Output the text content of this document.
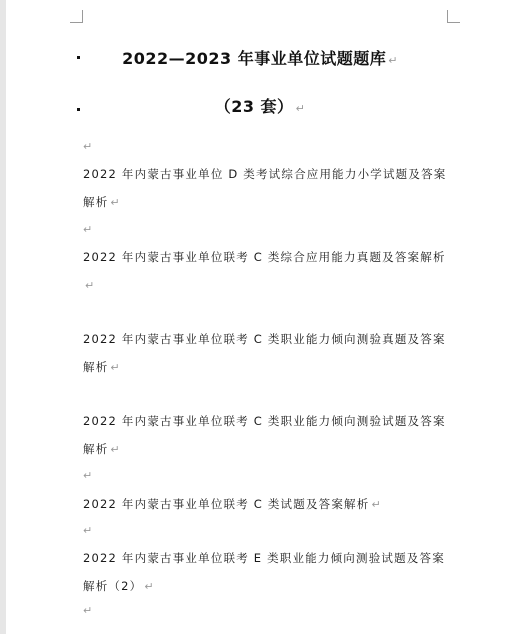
2022—2023 年事业单位试题题库 ↵
（23 套） ↵
↵
2022 年内蒙古事业单位 D 类考试综合应用能力小学试题及答案解析 ↵
↵
2022 年内蒙古事业单位联考 C 类综合应用能力真题及答案解析↵
2022 年内蒙古事业单位联考 C 类职业能力倾向测验真题及答案解析 ↵
2022 年内蒙古事业单位联考 C 类职业能力倾向测验试题及答案解析 ↵
↵
2022 年内蒙古事业单位联考 C 类试题及答案解析 ↵
↵
2022 年内蒙古事业单位联考 E 类职业能力倾向测验试题及答案解析（2） ↵
↵
